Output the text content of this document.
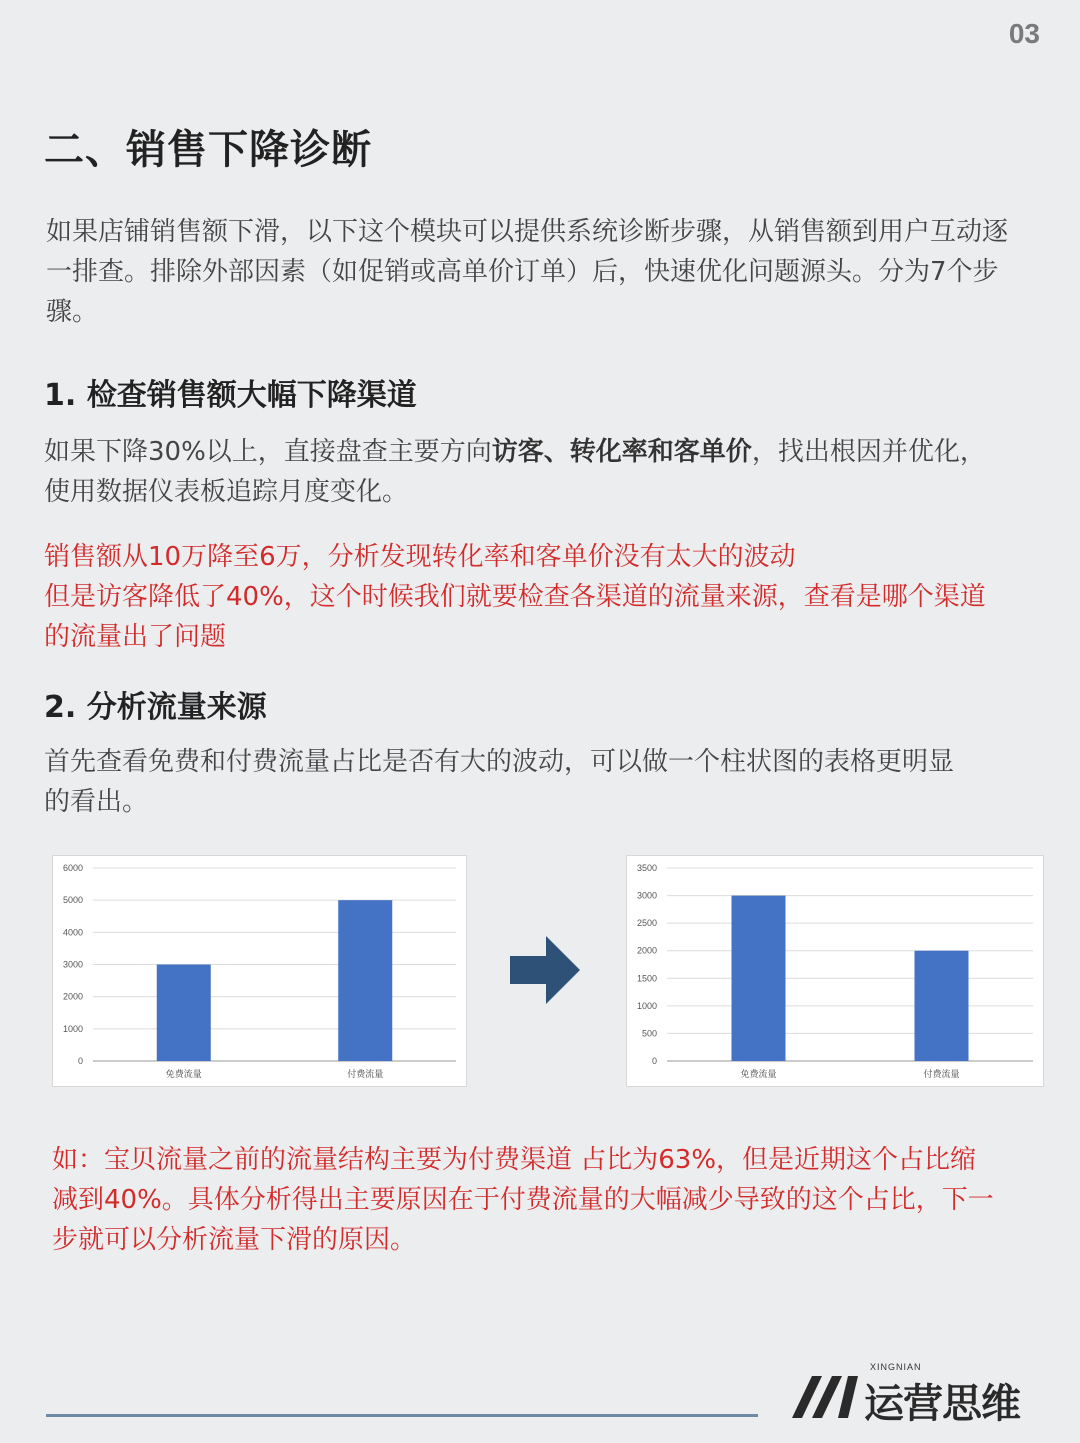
03
二、销售下降诊断

如果店铺销售额下滑，以下这个模块可以提供系统诊断步骤，从销售额到用户互动逐一排查。排除外部因素（如促销或高单价订单）后，快速优化问题源头。分为7个步骤。

1. 检查销售额大幅下降渠道

如果下降30%以上，直接盘查主要方向访客、转化率和客单价，找出根因并优化，使用数据仪表板追踪月度变化。

销售额从10万降至6万，分析发现转化率和客单价没有太大的波动
但是访客降低了40%，这个时候我们就要检查各渠道的流量来源，查看是哪个渠道的流量出了问题

2. 分析流量来源

首先查看免费和付费流量占比是否有大的波动，可以做一个柱状图的表格更明显的看出。

0
1000
2000
3000
4000
5000
6000
免费流量	付费流量
0
500
1000
1500
2000
2500
3000
3500
免费流量	付费流量

如：宝贝流量之前的流量结构主要为付费渠道 占比为63%，但是近期这个占比缩减到40%。具体分析得出主要原因在于付费流量的大幅减少导致的这个占比，下一步就可以分析流量下滑的原因。

XINGNIAN
运营思维
